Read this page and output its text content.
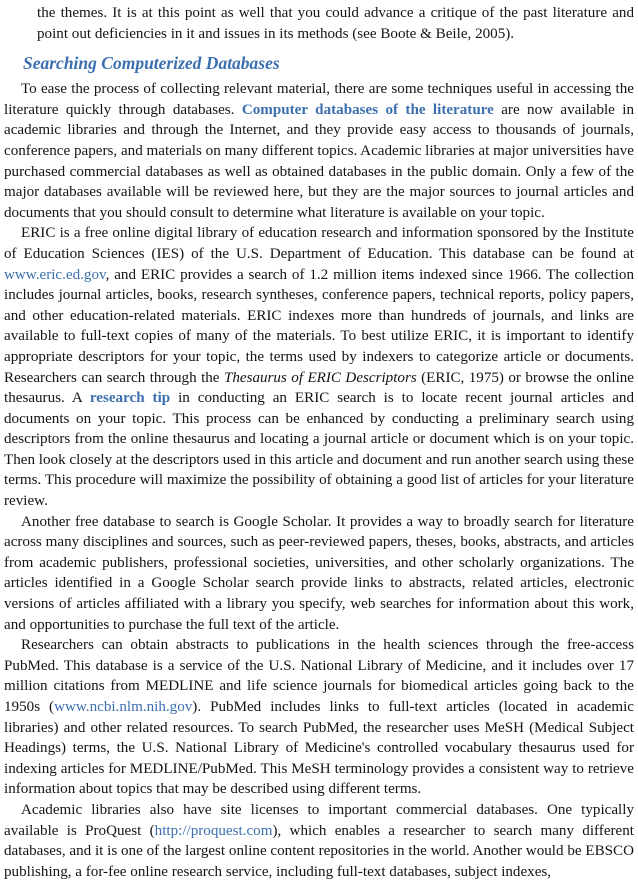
the themes. It is at this point as well that you could advance a critique of the past literature and point out deficiencies in it and issues in its methods (see Boote & Beile, 2005).

Searching Computerized Databases

To ease the process of collecting relevant material, there are some techniques useful in accessing the literature quickly through databases. Computer databases of the literature are now available in academic libraries and through the Internet, and they provide easy access to thousands of journals, conference papers, and materials on many different topics. Academic libraries at major universities have purchased commercial databases as well as obtained databases in the public domain. Only a few of the major databases available will be reviewed here, but they are the major sources to journal articles and documents that you should consult to determine what literature is available on your topic.

ERIC is a free online digital library of education research and information sponsored by the Institute of Education Sciences (IES) of the U.S. Department of Education. This database can be found at www.eric.ed.gov, and ERIC provides a search of 1.2 million items indexed since 1966. The collection includes journal articles, books, research syntheses, conference papers, technical reports, policy papers, and other education-related materials. ERIC indexes more than hundreds of journals, and links are available to full-text copies of many of the materials. To best utilize ERIC, it is important to identify appropriate descriptors for your topic, the terms used by indexers to categorize article or documents. Researchers can search through the Thesaurus of ERIC Descriptors (ERIC, 1975) or browse the online thesaurus. A research tip in conducting an ERIC search is to locate recent journal articles and documents on your topic. This process can be enhanced by conducting a preliminary search using descriptors from the online thesaurus and locating a journal article or document which is on your topic. Then look closely at the descriptors used in this article and document and run another search using these terms. This procedure will maximize the possibility of obtaining a good list of articles for your literature review.

Another free database to search is Google Scholar. It provides a way to broadly search for literature across many disciplines and sources, such as peer-reviewed papers, theses, books, abstracts, and articles from academic publishers, professional societies, universities, and other scholarly organizations. The articles identified in a Google Scholar search provide links to abstracts, related articles, electronic versions of articles affiliated with a library you specify, web searches for information about this work, and opportunities to purchase the full text of the article.

Researchers can obtain abstracts to publications in the health sciences through the free-access PubMed. This database is a service of the U.S. National Library of Medicine, and it includes over 17 million citations from MEDLINE and life science journals for biomedical articles going back to the 1950s (www.ncbi.nlm.nih.gov). PubMed includes links to full-text articles (located in academic libraries) and other related resources. To search PubMed, the researcher uses MeSH (Medical Subject Headings) terms, the U.S. National Library of Medicine's controlled vocabulary thesaurus used for indexing articles for MEDLINE/PubMed. This MeSH terminology provides a consistent way to retrieve information about topics that may be described using different terms.

Academic libraries also have site licenses to important commercial databases. One typically available is ProQuest (http://proquest.com), which enables a researcher to search many different databases, and it is one of the largest online content repositories in the world. Another would be EBSCO publishing, a for-fee online research service, including full-text databases, subject indexes,
